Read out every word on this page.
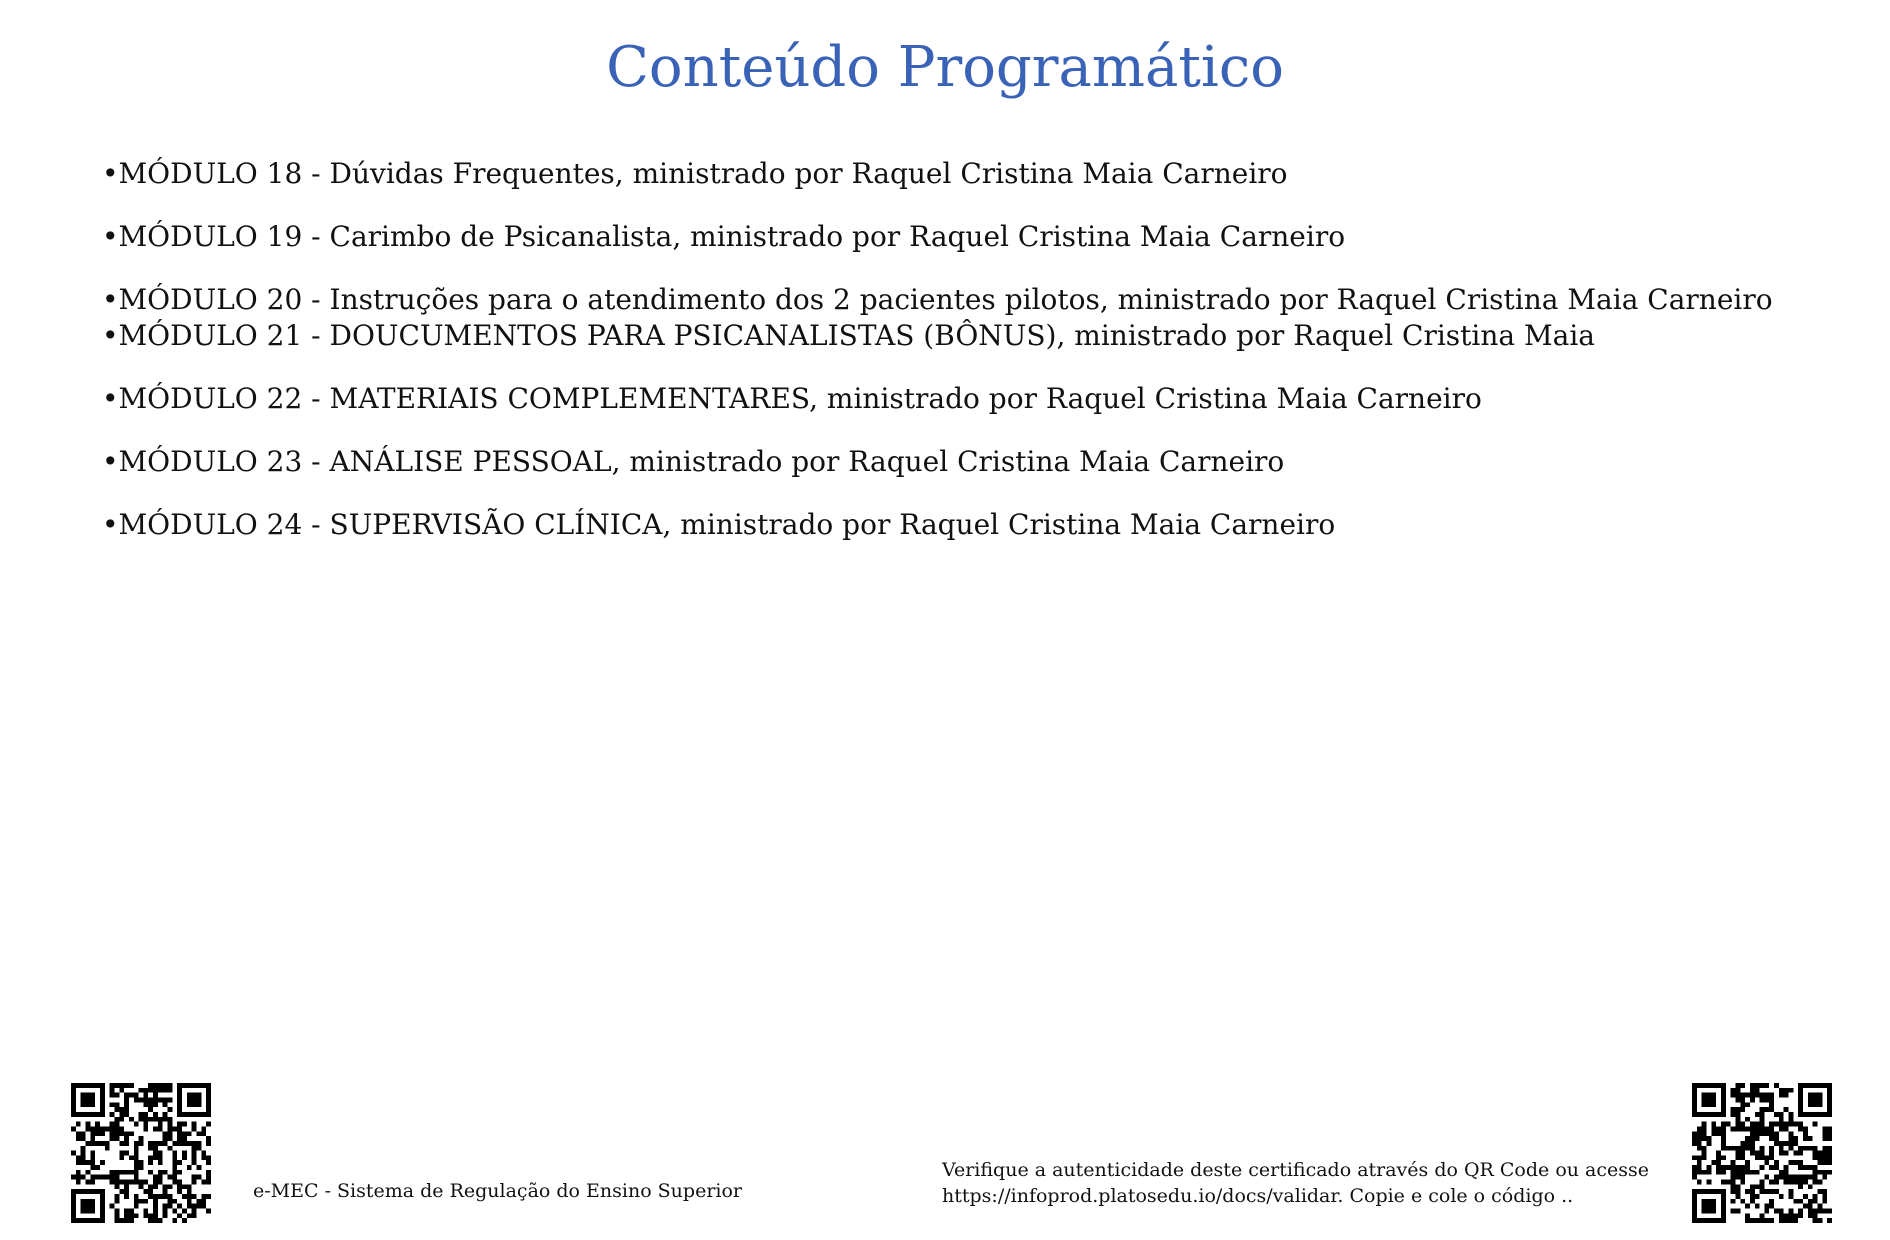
Conteúdo Programático
•MÓDULO 18 - Dúvidas Frequentes, ministrado por Raquel Cristina Maia Carneiro
•MÓDULO 19 - Carimbo de Psicanalista, ministrado por Raquel Cristina Maia Carneiro
•MÓDULO 20 - Instruções para o atendimento dos 2 pacientes pilotos, ministrado por Raquel Cristina Maia Carneiro
•MÓDULO 21 - DOUCUMENTOS PARA PSICANALISTAS (BÔNUS), ministrado por Raquel Cristina Maia
•MÓDULO 22 - MATERIAIS COMPLEMENTARES, ministrado por Raquel Cristina Maia Carneiro
•MÓDULO 23 - ANÁLISE PESSOAL, ministrado por Raquel Cristina Maia Carneiro
•MÓDULO 24 - SUPERVISÃO CLÍNICA, ministrado por Raquel Cristina Maia Carneiro
e-MEC - Sistema de Regulação do Ensino Superior
Verifique a autenticidade deste certificado através do QR Code ou acesse https://infoprod.platosedu.io/docs/validar. Copie e cole o código ..
